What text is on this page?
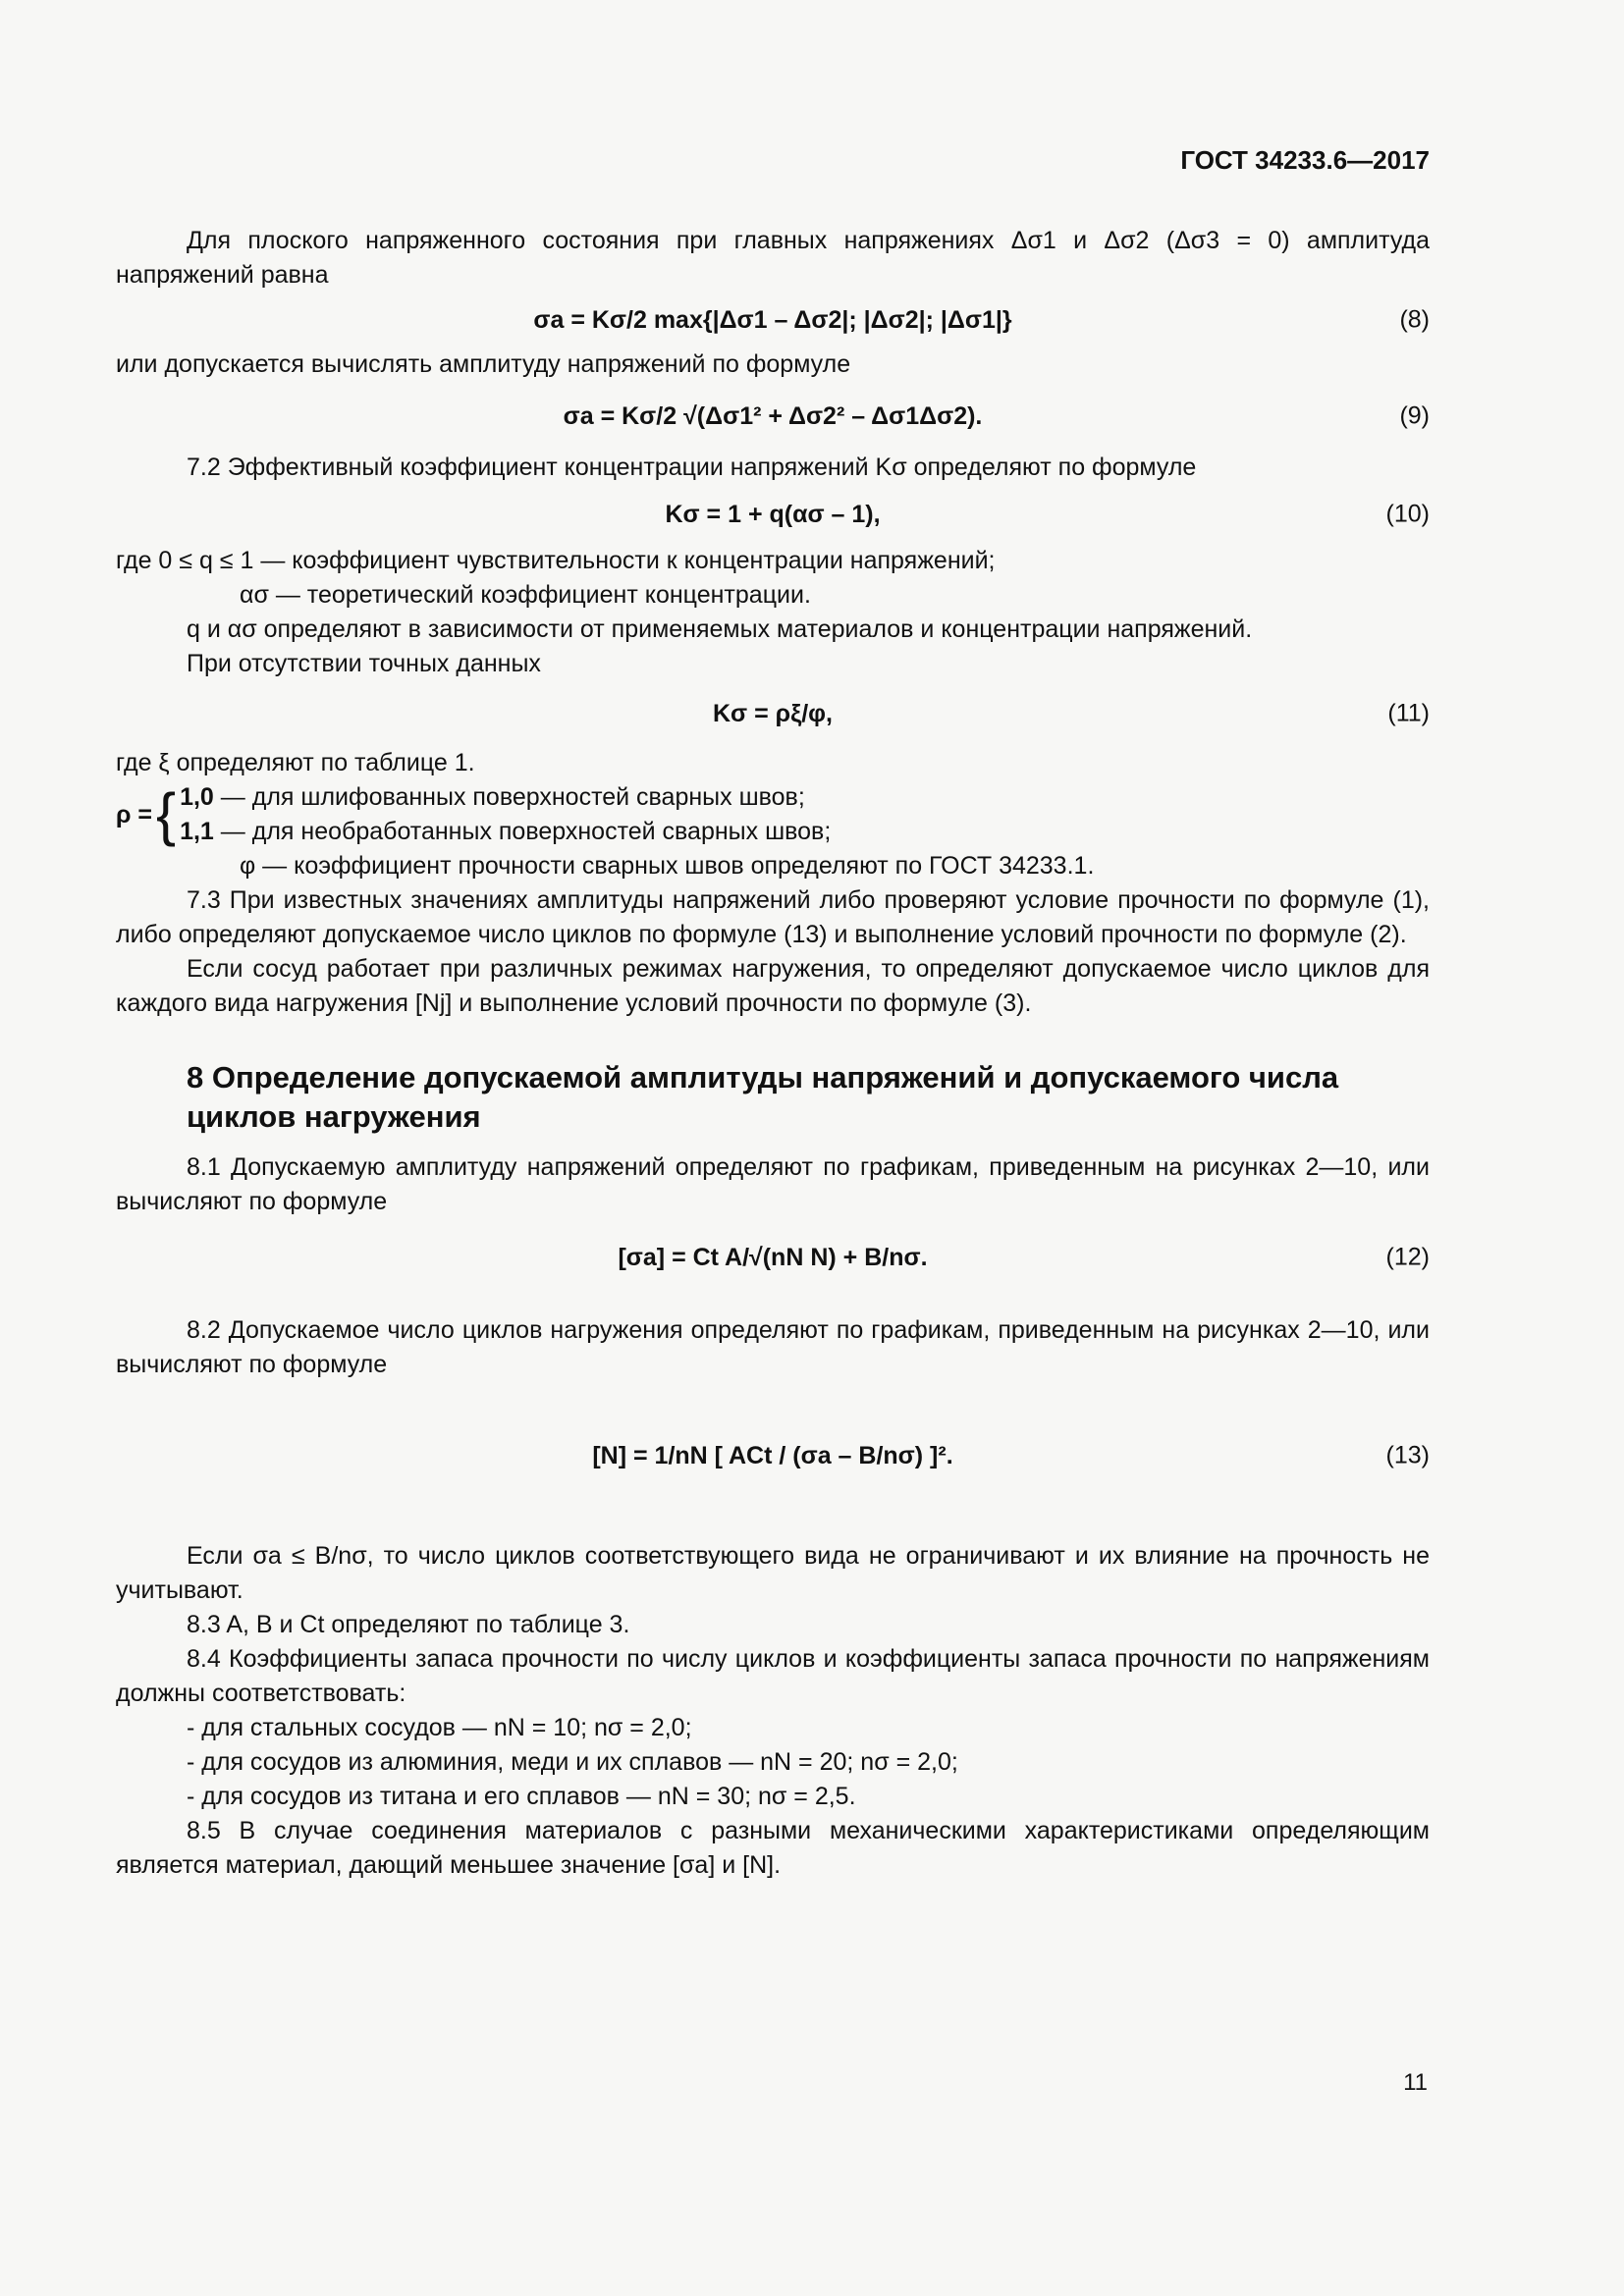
ГОСТ 34233.6—2017

Для плоского напряженного состояния при главных напряжениях Δσ1 и Δσ2 (Δσ3 = 0) амплитуда напряжений равна

σa = Kσ/2 max{|Δσ1 – Δσ2|; |Δσ2|; |Δσ1|}	(8)

или допускается вычислять амплитуду напряжений по формуле

σa = Kσ/2 √(Δσ1² + Δσ2² – Δσ1Δσ2).	(9)

7.2 Эффективный коэффициент концентрации напряжений Kσ определяют по формуле

Kσ = 1 + q(ασ – 1),	(10)

где 0 ≤ q ≤ 1 — коэффициент чувствительности к концентрации напряжений;

ασ — теоретический коэффициент концентрации.

q и ασ определяют в зависимости от применяемых материалов и концентрации напряжений.

При отсутствии точных данных

Kσ = ρξ/φ,	(11)

где ξ определяют по таблице 1.

ρ = { 1,0 — для шлифованных поверхностей сварных швов;
1,1 — для необработанных поверхностей сварных швов;

φ — коэффициент прочности сварных швов определяют по ГОСТ 34233.1.

7.3 При известных значениях амплитуды напряжений либо проверяют условие прочности по формуле (1), либо определяют допускаемое число циклов по формуле (13) и выполнение условий прочности по формуле (2).

Если сосуд работает при различных режимах нагружения, то определяют допускаемое число циклов для каждого вида нагружения [Nj] и выполнение условий прочности по формуле (3).

8 Определение допускаемой амплитуды напряжений и допускаемого числа циклов нагружения

8.1 Допускаемую амплитуду напряжений определяют по графикам, приведенным на рисунках 2—10, или вычисляют по формуле

[σa] = Ct A/√(nN N) + B/nσ.	(12)

8.2 Допускаемое число циклов нагружения определяют по графикам, приведенным на рисунках 2—10, или вычисляют по формуле

[N] = 1/nN [ ACt / (σa – B/nσ) ]².	(13)

Если σa ≤ B/nσ, то число циклов соответствующего вида не ограничивают и их влияние на прочность не учитывают.

8.3 A, B и Ct определяют по таблице 3.

8.4 Коэффициенты запаса прочности по числу циклов и коэффициенты запаса прочности по напряжениям должны соответствовать:

- для стальных сосудов — nN = 10; nσ = 2,0;

- для сосудов из алюминия, меди и их сплавов — nN = 20; nσ = 2,0;

- для сосудов из титана и его сплавов — nN = 30; nσ = 2,5.

8.5 В случае соединения материалов с разными механическими характеристиками определяющим является материал, дающий меньшее значение [σa] и [N].

11
